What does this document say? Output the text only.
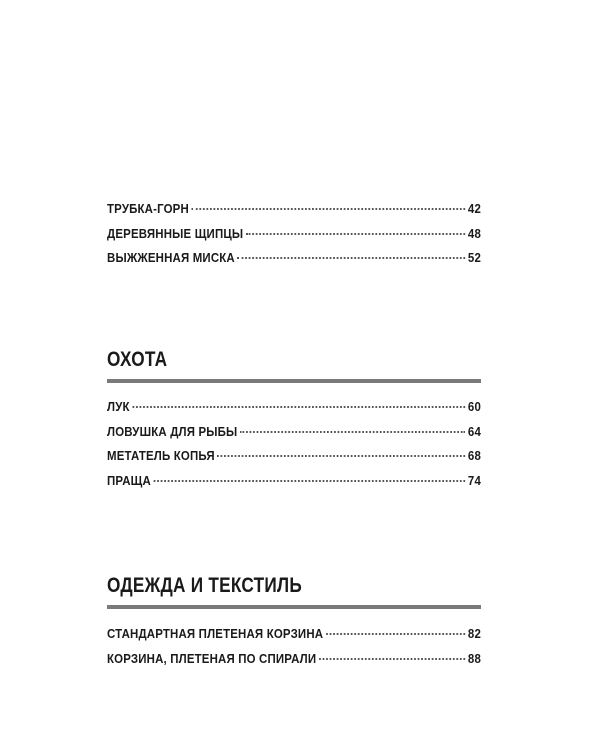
ТРУБКА-ГОРН	42
ДЕРЕВЯННЫЕ ЩИПЦЫ	48
ВЫЖЖЕННАЯ МИСКА	52
ОХОТА
ЛУК	60
ЛОВУШКА ДЛЯ РЫБЫ	64
МЕТАТЕЛЬ КОПЬЯ	68
ПРАЩА	74
ОДЕЖДА И ТЕКСТИЛЬ
СТАНДАРТНАЯ ПЛЕТЕНАЯ КОРЗИНА	82
КОРЗИНА, ПЛЕТЕНАЯ ПО СПИРАЛИ	88
